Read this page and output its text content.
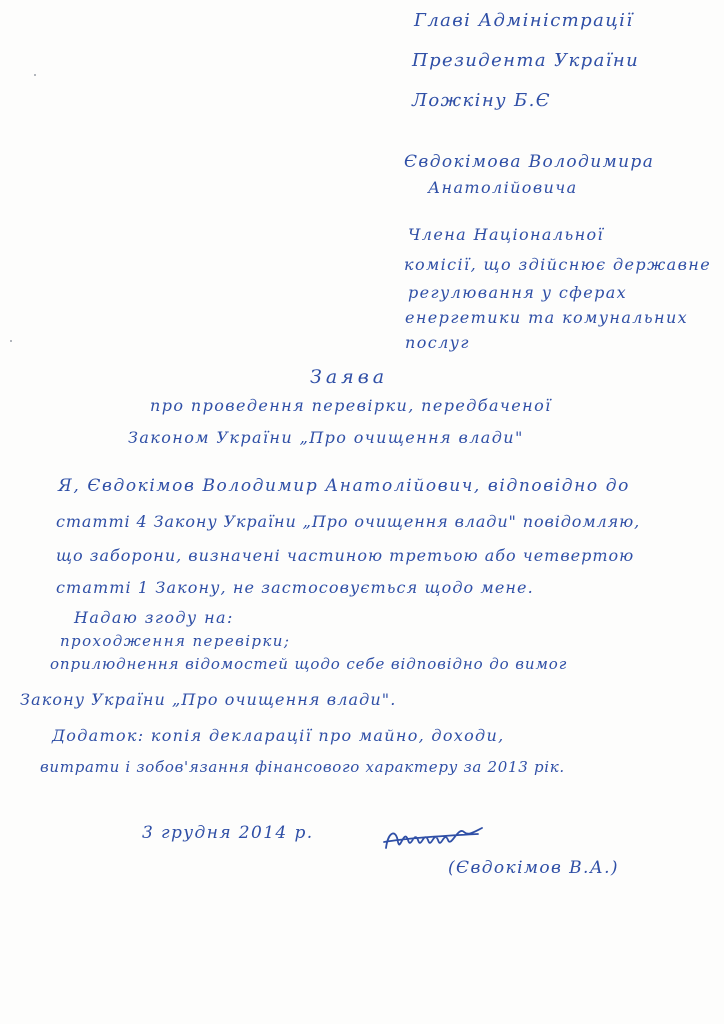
Главі Адміністрації
Президента України
Ложкіну Б.Є
Євдокімова Володимира
Анатолійовича
Члена Національної
комісії, що здійснює державне
регулювання у сферах
енергетики та комунальних
послуг
Заява
про проведення перевірки, передбаченої
Законом України „Про очищення влади"
Я, Євдокімов Володимир Анатолійович, відповідно до
статті 4 Закону України „Про очищення влади" повідомляю,
що заборони, визначені частиною третьою або четвертою
статті 1 Закону, не застосовується щодо мене.
Надаю згоду на:
проходження перевірки;
оприлюднення відомостей щодо себе відповідно до вимог
Закону України „Про очищення влади".
Додаток: копія декларації про майно, доходи,
витрати і зобов'язання фінансового характеру за 2013 рік.
3 грудня 2014 р.
(Євдокімов В.А.)
